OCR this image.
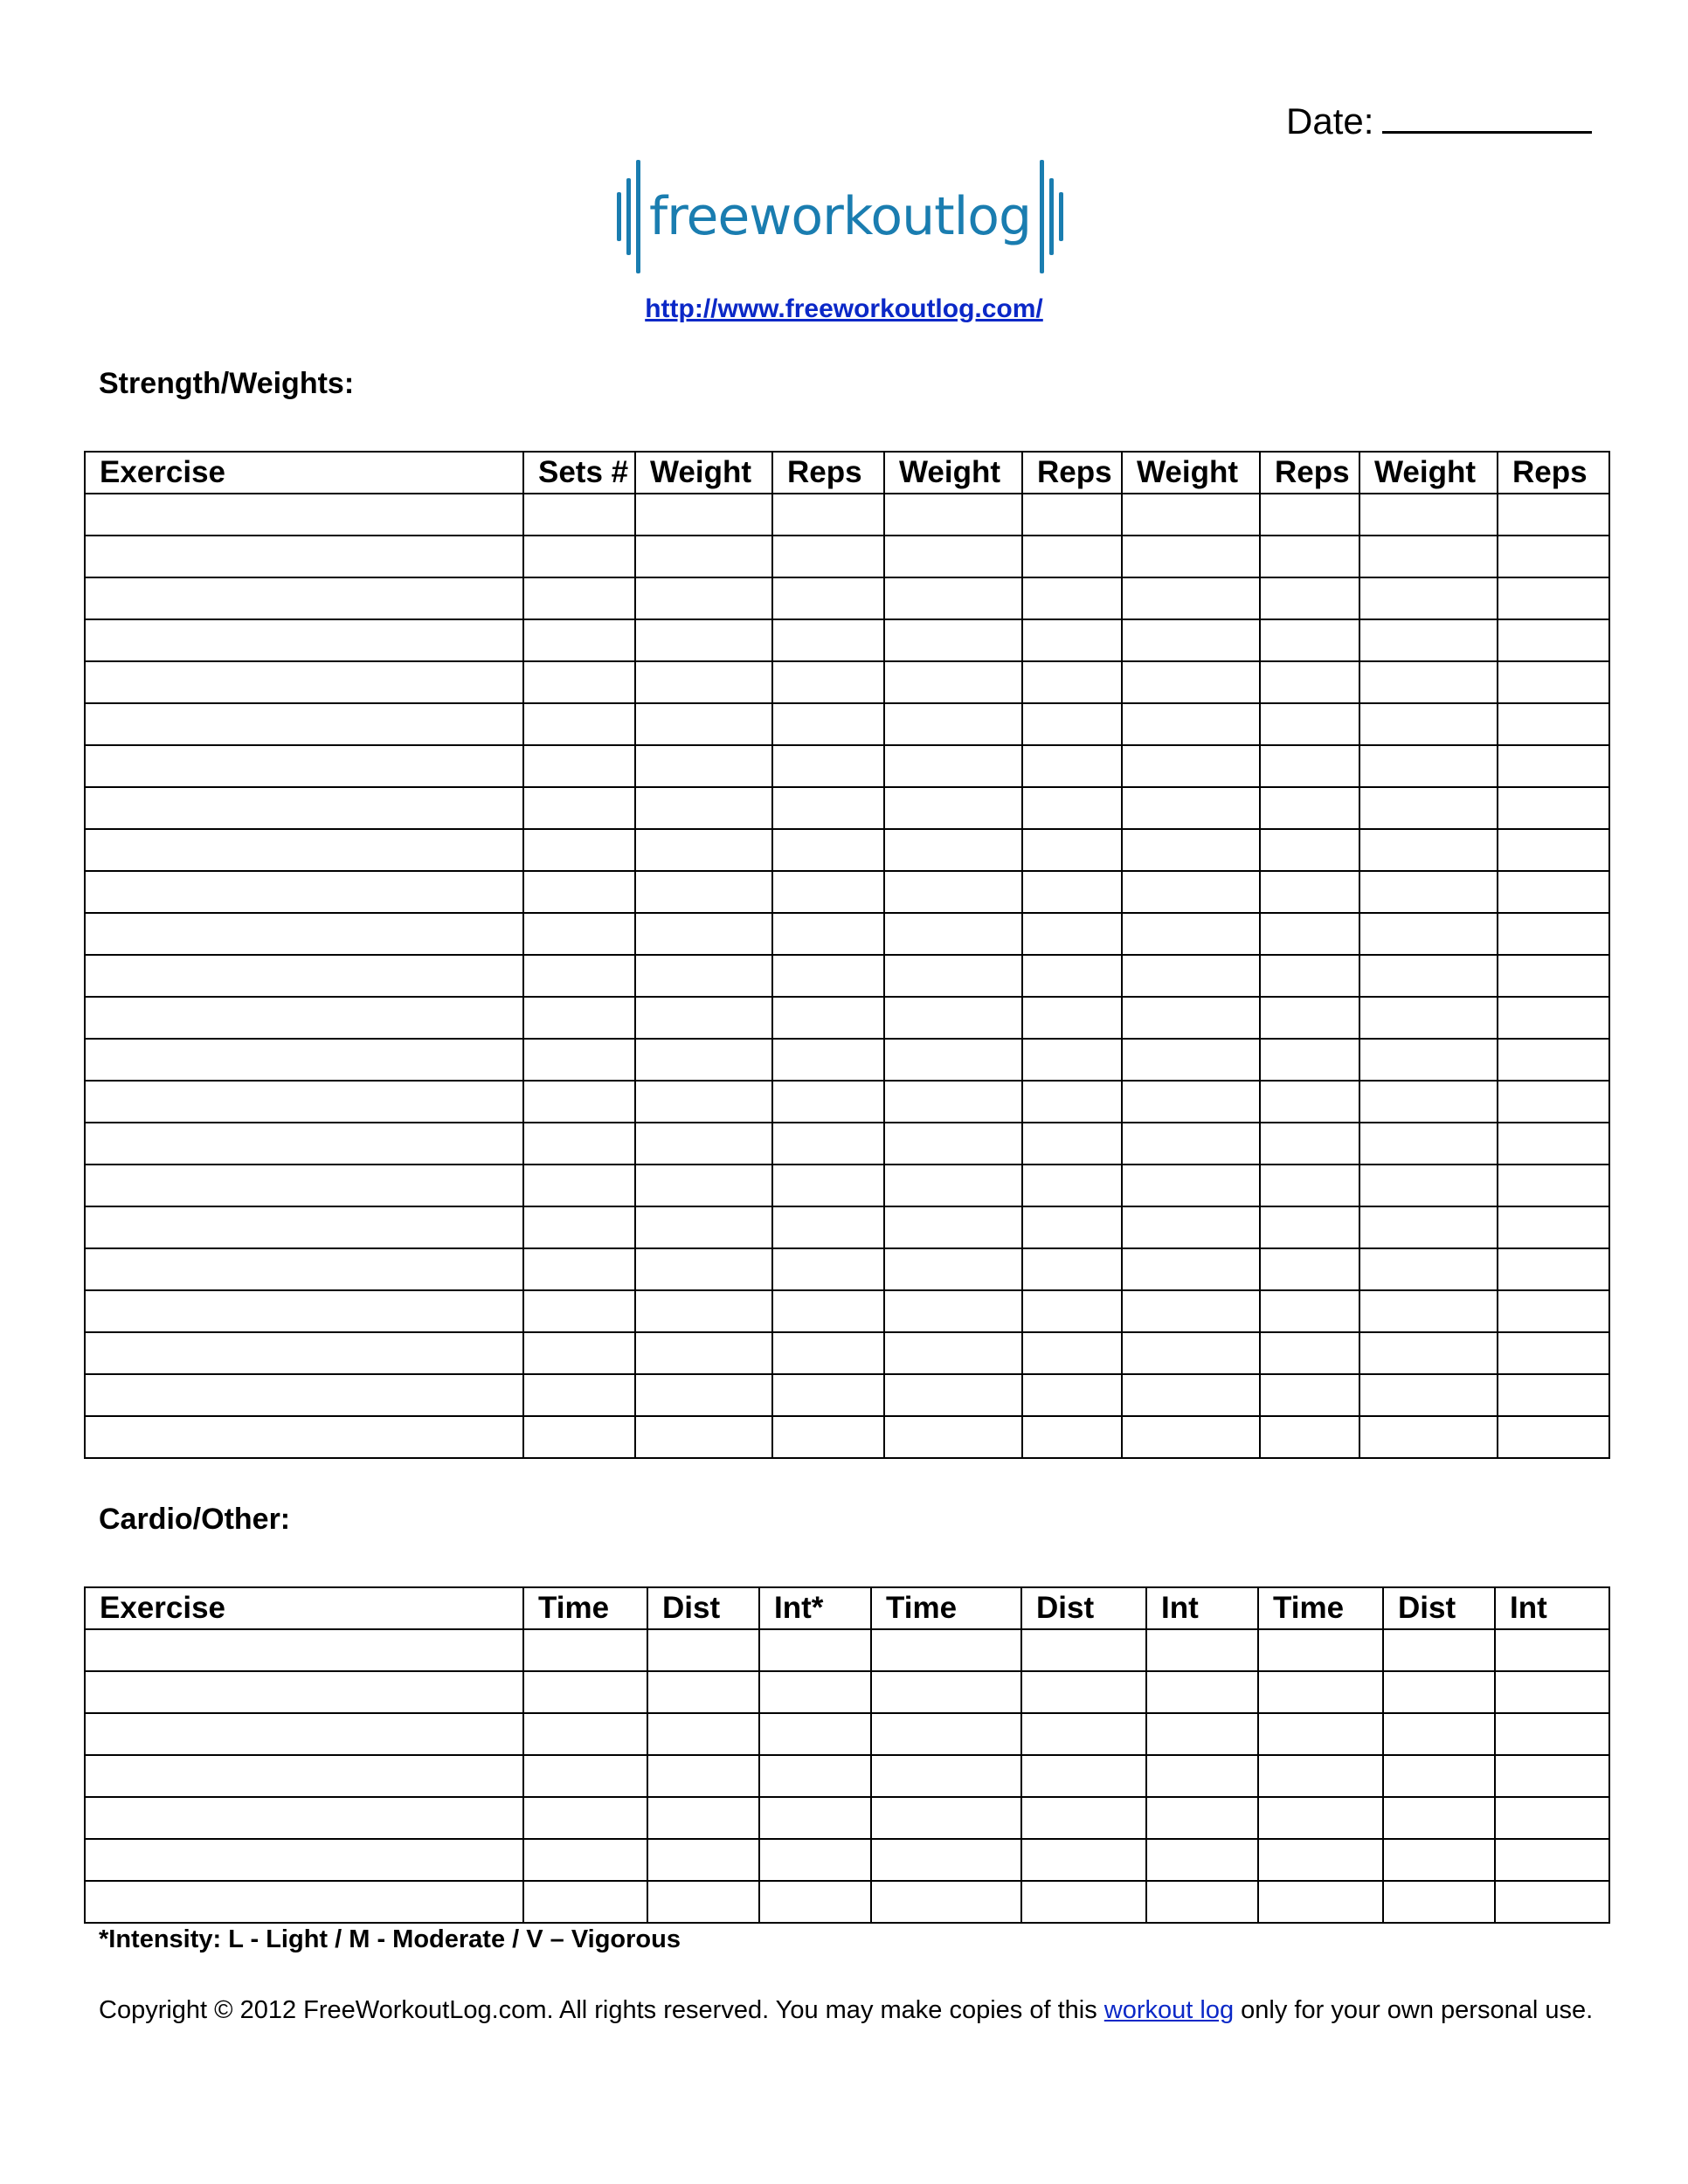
Date:
freeworkoutlog
http://www.freeworkoutlog.com/
Strength/Weights:
Exercise	Sets #	Weight	Reps	Weight	Reps	Weight	Reps	Weight	Reps

Cardio/Other:
Exercise	Time	Dist	Int*	Time	Dist	Int	Time	Dist	Int

*Intensity: L - Light / M - Moderate / V – Vigorous
Copyright © 2012 FreeWorkoutLog.com. All rights reserved. You may make copies of this workout log only for your own personal use.
